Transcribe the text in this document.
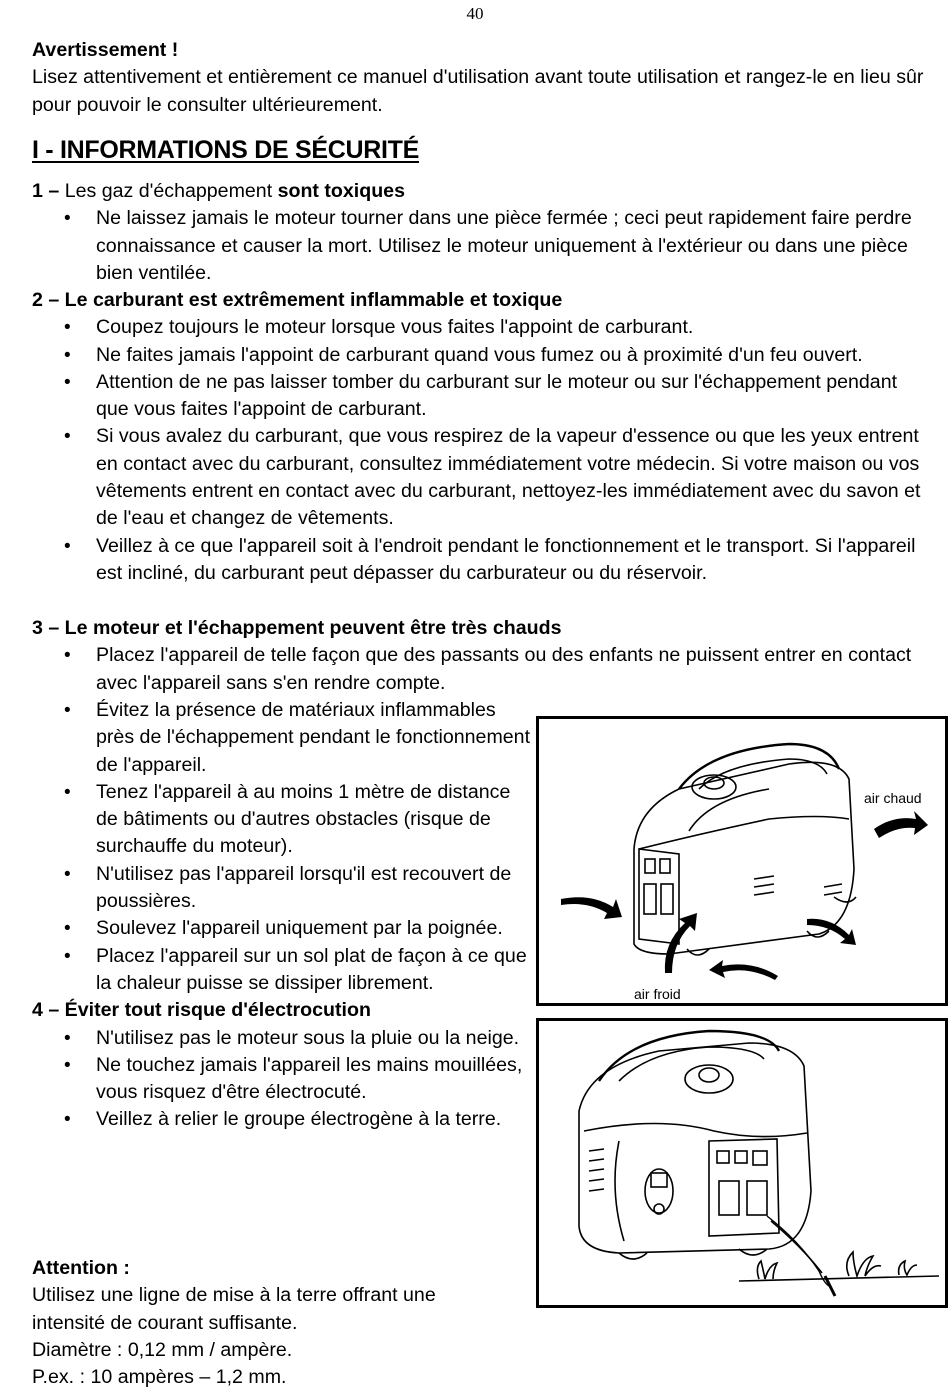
40
Avertissement !
Lisez attentivement et entièrement ce manuel d'utilisation avant toute utilisation et rangez-le en lieu sûr pour pouvoir le consulter ultérieurement.
I - INFORMATIONS DE SÉCURITÉ
1 – Les gaz d'échappement sont toxiques
• Ne laissez jamais le moteur tourner dans une pièce fermée ; ceci peut rapidement faire perdre connaissance et causer la mort. Utilisez le moteur uniquement à l'extérieur ou dans une pièce bien ventilée.
2 – Le carburant est extrêmement inflammable et toxique
• Coupez toujours le moteur lorsque vous faites l'appoint de carburant.
• Ne faites jamais l'appoint de carburant quand vous fumez ou à proximité d'un feu ouvert.
• Attention de ne pas laisser tomber du carburant sur le moteur ou sur l'échappement pendant que vous faites l'appoint de carburant.
• Si vous avalez du carburant, que vous respirez de la vapeur d'essence ou que les yeux entrent en contact avec du carburant, consultez immédiatement votre médecin. Si votre maison ou vos vêtements entrent en contact avec du carburant, nettoyez-les immédiatement avec du savon et de l'eau et changez de vêtements.
• Veillez à ce que l'appareil soit à l'endroit pendant le fonctionnement et le transport. Si l'appareil est incliné, du carburant peut dépasser du carburateur ou du réservoir.
3 – Le moteur et l'échappement peuvent être très chauds
• Placez l'appareil de telle façon que des passants ou des enfants ne puissent entrer en contact avec l'appareil sans s'en rendre compte.
• Évitez la présence de matériaux inflammables près de l'échappement pendant le fonctionnement de l'appareil.
• Tenez l'appareil à au moins 1 mètre de distance de bâtiments ou d'autres obstacles (risque de surchauffe du moteur).
• N'utilisez pas l'appareil lorsqu'il est recouvert de poussières.
• Soulevez l'appareil uniquement par la poignée.
• Placez l'appareil sur un sol plat de façon à ce que la chaleur puisse se dissiper librement.
4 – Éviter tout risque d'électrocution
• N'utilisez pas le moteur sous la pluie ou la neige.
• Ne touchez jamais l'appareil les mains mouillées, vous risquez d'être électrocuté.
• Veillez à relier le groupe électrogène à la terre.
Attention :
Utilisez une ligne de mise à la terre offrant une intensité de courant suffisante.
Diamètre : 0,12 mm / ampère.
P.ex. : 10 ampères – 1,2 mm.
air chaud
air froid
